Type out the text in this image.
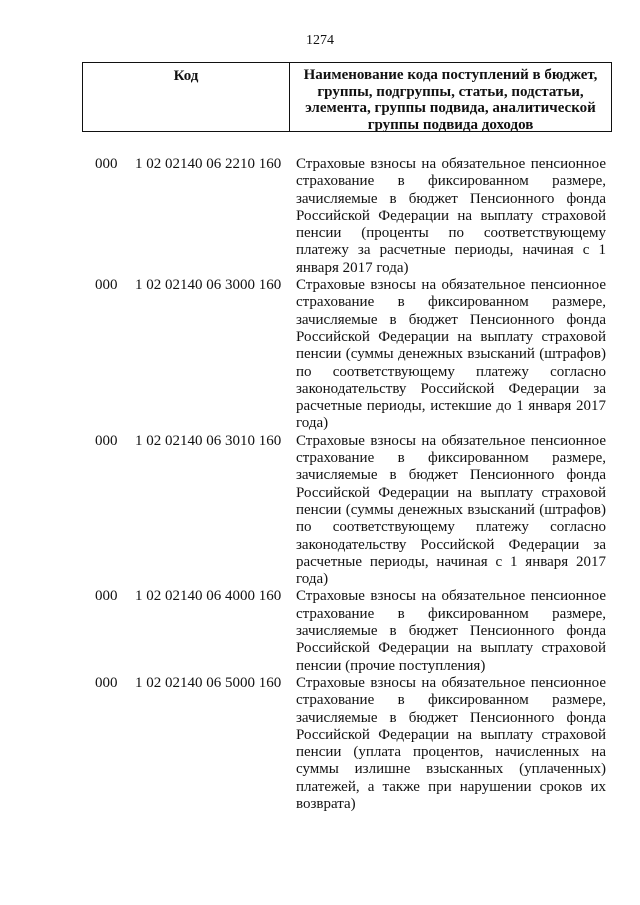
1274
Код	Наименование кода поступлений в бюджет, группы, подгруппы, статьи, подстатьи, элемента, группы подвида, аналитической группы подвида доходов
000	1 02 02140 06 2210 160 Страховые взносы на обязательное пенсионное страхование в фиксированном размере, зачисляемые в бюджет Пенсионного фонда Российской Федерации на выплату страховой пенсии (проценты по соответствующему платежу за расчетные периоды, начиная с 1 января 2017 года)
000	1 02 02140 06 3000 160 Страховые взносы на обязательное пенсионное страхование в фиксированном размере, зачисляемые в бюджет Пенсионного фонда Российской Федерации на выплату страховой пенсии (суммы денежных взысканий (штрафов) по соответствующему платежу согласно законодательству Российской Федерации за расчетные периоды, истекшие до 1 января 2017 года)
000	1 02 02140 06 3010 160 Страховые взносы на обязательное пенсионное страхование в фиксированном размере, зачисляемые в бюджет Пенсионного фонда Российской Федерации на выплату страховой пенсии (суммы денежных взысканий (штрафов) по соответствующему платежу согласно законодательству Российской Федерации за расчетные периоды, начиная с 1 января 2017 года)
000	1 02 02140 06 4000 160 Страховые взносы на обязательное пенсионное страхование в фиксированном размере, зачисляемые в бюджет Пенсионного фонда Российской Федерации на выплату страховой пенсии (прочие поступления)
000	1 02 02140 06 5000 160 Страховые взносы на обязательное пенсионное страхование в фиксированном размере, зачисляемые в бюджет Пенсионного фонда Российской Федерации на выплату страховой пенсии (уплата процентов, начисленных на суммы излишне взысканных (уплаченных) платежей, а также при нарушении сроков их возврата)
